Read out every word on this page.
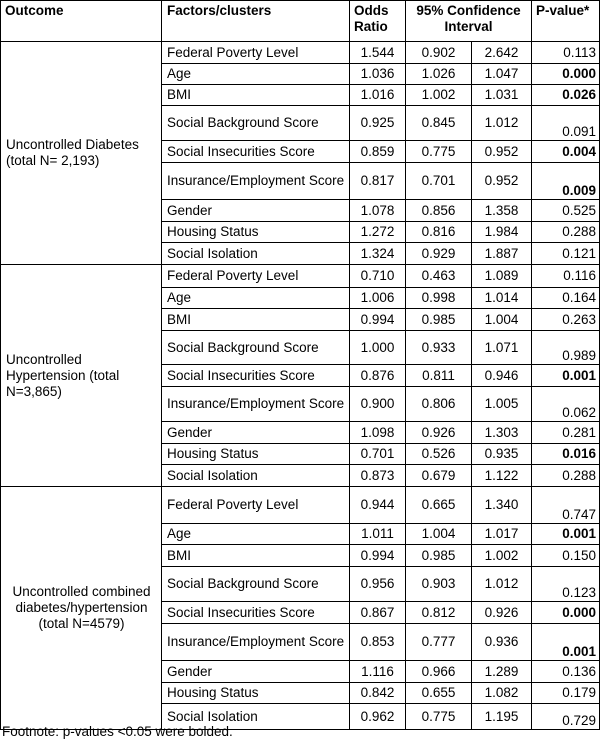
Outcome	Factors/clusters	Odds Ratio	95% Confidence Interval		P-value*
Uncontrolled Diabetes (total N= 2,193)	Federal Poverty Level	1.544	0.902	2.642	0.113
	Age	1.036	1.026	1.047	0.000
	BMI	1.016	1.002	1.031	0.026
	Social Background Score	0.925	0.845	1.012	0.091
	Social Insecurities Score	0.859	0.775	0.952	0.004
	Insurance/Employment Score	0.817	0.701	0.952	0.009
	Gender	1.078	0.856	1.358	0.525
	Housing Status	1.272	0.816	1.984	0.288
	Social Isolation	1.324	0.929	1.887	0.121
Uncontrolled Hypertension (total N=3,865)	Federal Poverty Level	0.710	0.463	1.089	0.116
	Age	1.006	0.998	1.014	0.164
	BMI	0.994	0.985	1.004	0.263
	Social Background Score	1.000	0.933	1.071	0.989
	Social Insecurities Score	0.876	0.811	0.946	0.001
	Insurance/Employment Score	0.900	0.806	1.005	0.062
	Gender	1.098	0.926	1.303	0.281
	Housing Status	0.701	0.526	0.935	0.016
	Social Isolation	0.873	0.679	1.122	0.288
Uncontrolled combined diabetes/hypertension (total N=4579)	Federal Poverty Level	0.944	0.665	1.340	0.747
	Age	1.011	1.004	1.017	0.001
	BMI	0.994	0.985	1.002	0.150
	Social Background Score	0.956	0.903	1.012	0.123
	Social Insecurities Score	0.867	0.812	0.926	0.000
	Insurance/Employment Score	0.853	0.777	0.936	0.001
	Gender	1.116	0.966	1.289	0.136
	Housing Status	0.842	0.655	1.082	0.179
	Social Isolation	0.962	0.775	1.195	0.729
Footnote: p-values <0.05 were bolded.
